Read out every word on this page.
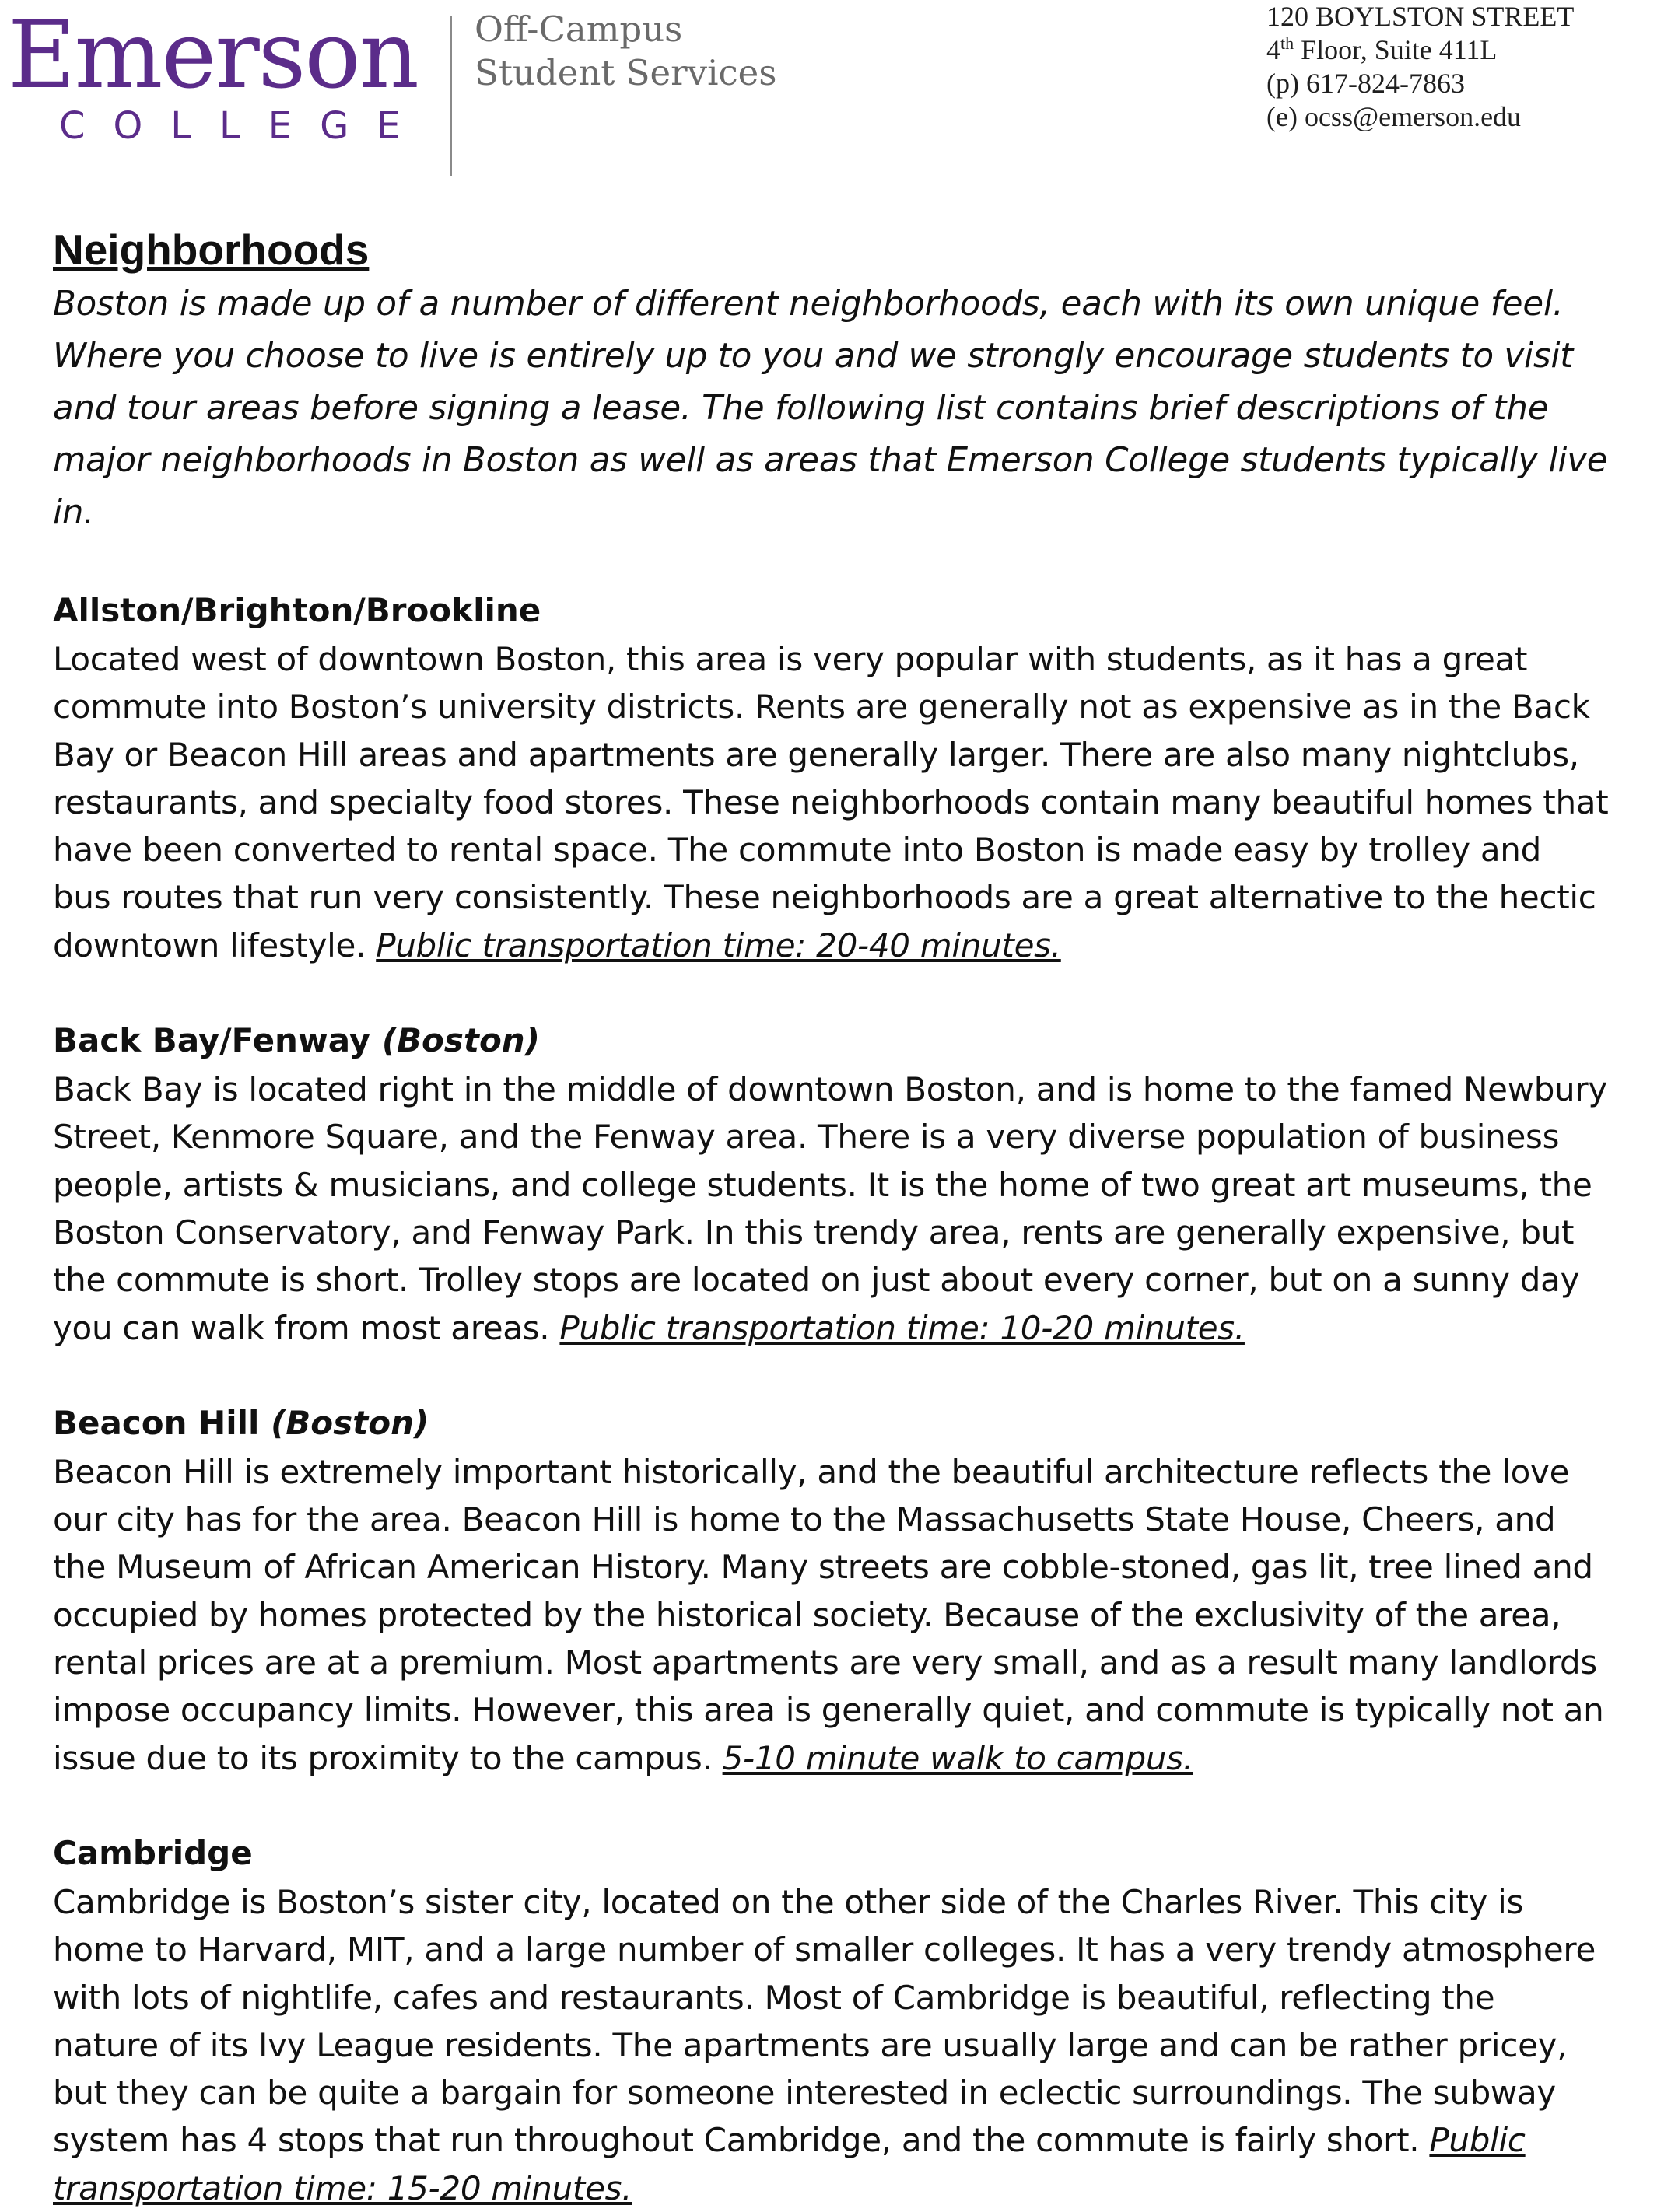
Emerson
COLLEGE
Off-Campus
Student Services
120 BOYLSTON STREET
4th Floor, Suite 411L
(p) 617-824-7863
(e) ocss@emerson.edu
Neighborhoods

Boston is made up of a number of different neighborhoods, each with its own unique feel. Where you choose to live is entirely up to you and we strongly encourage students to visit and tour areas before signing a lease. The following list contains brief descriptions of the major neighborhoods in Boston as well as areas that Emerson College students typically live in.

Allston/Brighton/Brookline

Located west of downtown Boston, this area is very popular with students, as it has a great commute into Boston’s university districts. Rents are generally not as expensive as in the Back Bay or Beacon Hill areas and apartments are generally larger. There are also many nightclubs, restaurants, and specialty food stores. These neighborhoods contain many beautiful homes that have been converted to rental space. The commute into Boston is made easy by trolley and bus routes that run very consistently. These neighborhoods are a great alternative to the hectic downtown lifestyle. Public transportation time: 20-40 minutes.

Back Bay/Fenway (Boston)

Back Bay is located right in the middle of downtown Boston, and is home to the famed Newbury Street, Kenmore Square, and the Fenway area. There is a very diverse population of business people, artists & musicians, and college students. It is the home of two great art museums, the Boston Conservatory, and Fenway Park. In this trendy area, rents are generally expensive, but the commute is short. Trolley stops are located on just about every corner, but on a sunny day you can walk from most areas. Public transportation time: 10-20 minutes.

Beacon Hill (Boston)

Beacon Hill is extremely important historically, and the beautiful architecture reflects the love our city has for the area. Beacon Hill is home to the Massachusetts State House, Cheers, and the Museum of African American History. Many streets are cobble-stoned, gas lit, tree lined and occupied by homes protected by the historical society. Because of the exclusivity of the area, rental prices are at a premium. Most apartments are very small, and as a result many landlords impose occupancy limits. However, this area is generally quiet, and commute is typically not an issue due to its proximity to the campus. 5-10 minute walk to campus.

Cambridge

Cambridge is Boston’s sister city, located on the other side of the Charles River. This city is home to Harvard, MIT, and a large number of smaller colleges. It has a very trendy atmosphere with lots of nightlife, cafes and restaurants. Most of Cambridge is beautiful, reflecting the nature of its Ivy League residents. The apartments are usually large and can be rather pricey, but they can be quite a bargain for someone interested in eclectic surroundings. The subway system has 4 stops that run throughout Cambridge, and the commute is fairly short. Public transportation time: 15-20 minutes.
